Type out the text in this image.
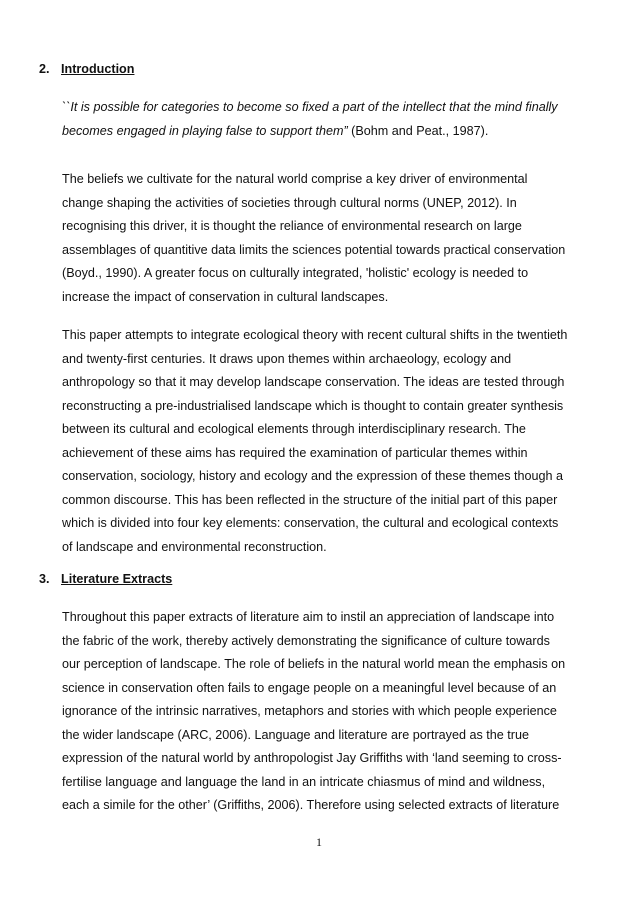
2. Introduction
``It is possible for categories to become so fixed a part of the intellect that the mind finally
becomes engaged in playing false to support them” (Bohm and Peat., 1987).
The beliefs we cultivate for the natural world comprise a key driver of environmental
change shaping the activities of societies through cultural norms (UNEP, 2012). In
recognising this driver, it is thought the reliance of environmental research on large
assemblages of quantitive data limits the sciences potential towards practical conservation
(Boyd., 1990). A greater focus on culturally integrated, 'holistic' ecology is needed to
increase the impact of conservation in cultural landscapes.
This paper attempts to integrate ecological theory with recent cultural shifts in the twentieth
and twenty-first centuries. It draws upon themes within archaeology, ecology and
anthropology so that it may develop landscape conservation. The ideas are tested through
reconstructing a pre-industrialised landscape which is thought to contain greater synthesis
between its cultural and ecological elements through interdisciplinary research. The
achievement of these aims has required the examination of particular themes within
conservation, sociology, history and ecology and the expression of these themes though a
common discourse. This has been reflected in the structure of the initial part of this paper
which is divided into four key elements: conservation, the cultural and ecological contexts
of landscape and environmental reconstruction.
3. Literature Extracts
Throughout this paper extracts of literature aim to instil an appreciation of landscape into
the fabric of the work, thereby actively demonstrating the significance of culture towards
our perception of landscape. The role of beliefs in the natural world mean the emphasis on
science in conservation often fails to engage people on a meaningful level because of an
ignorance of the intrinsic narratives, metaphors and stories with which people experience
the wider landscape (ARC, 2006). Language and literature are portrayed as the true
expression of the natural world by anthropologist Jay Griffiths with ‘land seeming to cross-
fertilise language and language the land in an intricate chiasmus of mind and wildness,
each a simile for the other’ (Griffiths, 2006). Therefore using selected extracts of literature
1
